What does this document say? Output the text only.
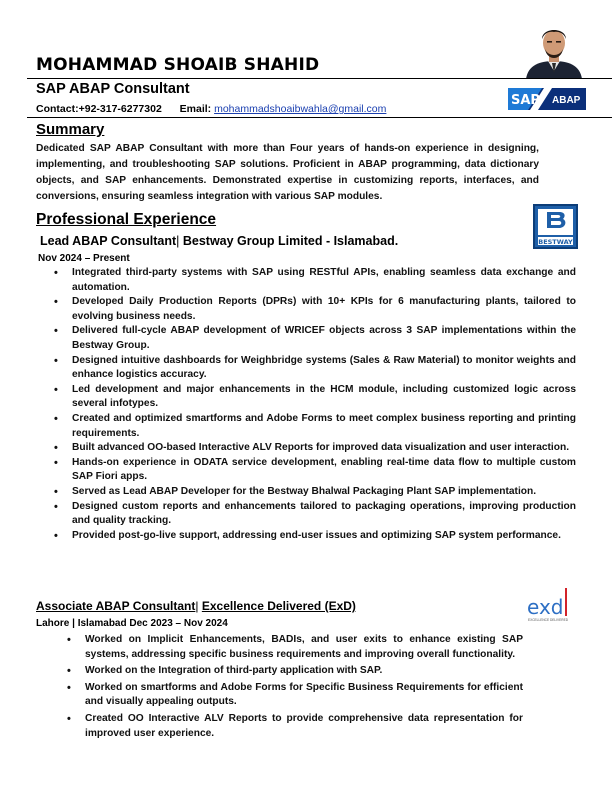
MOHAMMAD SHOAIB SHAHID
SAP ABAP Consultant
Contact:+92-317-6277302 Email: mohammadshoaibwahla@gmail.com
SAP ABAP
Summary
Dedicated SAP ABAP Consultant with more than Four years of hands-on experience in designing, implementing, and troubleshooting SAP solutions. Proficient in ABAP programming, data dictionary objects, and SAP enhancements. Demonstrated expertise in customizing reports, interfaces, and conversions, ensuring seamless integration with various SAP modules.
Professional Experience
BESTWAY
Lead ABAP Consultant| Bestway Group Limited - Islamabad.
Nov 2024 – Present
• Integrated third-party systems with SAP using RESTful APIs, enabling seamless data exchange and automation.
• Developed Daily Production Reports (DPRs) with 10+ KPIs for 6 manufacturing plants, tailored to evolving business needs.
• Delivered full-cycle ABAP development of WRICEF objects across 3 SAP implementations within the Bestway Group.
• Designed intuitive dashboards for Weighbridge systems (Sales & Raw Material) to monitor weights and enhance logistics accuracy.
• Led development and major enhancements in the HCM module, including customized logic across several infotypes.
• Created and optimized smartforms and Adobe Forms to meet complex business reporting and printing requirements.
• Built advanced OO-based Interactive ALV Reports for improved data visualization and user interaction.
• Hands-on experience in ODATA service development, enabling real-time data flow to multiple custom SAP Fiori apps.
• Served as Lead ABAP Developer for the Bestway Bhalwal Packaging Plant SAP implementation.
• Designed custom reports and enhancements tailored to packaging operations, improving production and quality tracking.
• Provided post-go-live support, addressing end-user issues and optimizing SAP system performance.
Associate ABAP Consultant| Excellence Delivered (ExD)	exd
EXCELLENCE DELIVERED
Lahore | Islamabad Dec 2023 – Nov 2024
• Worked on Implicit Enhancements, BADIs, and user exits to enhance existing SAP systems, addressing specific business requirements and improving overall functionality.
• Worked on the Integration of third-party application with SAP.
• Worked on smartforms and Adobe Forms for Specific Business Requirements for efficient and visually appealing outputs.
• Created OO Interactive ALV Reports to provide comprehensive data representation for improved user experience.
